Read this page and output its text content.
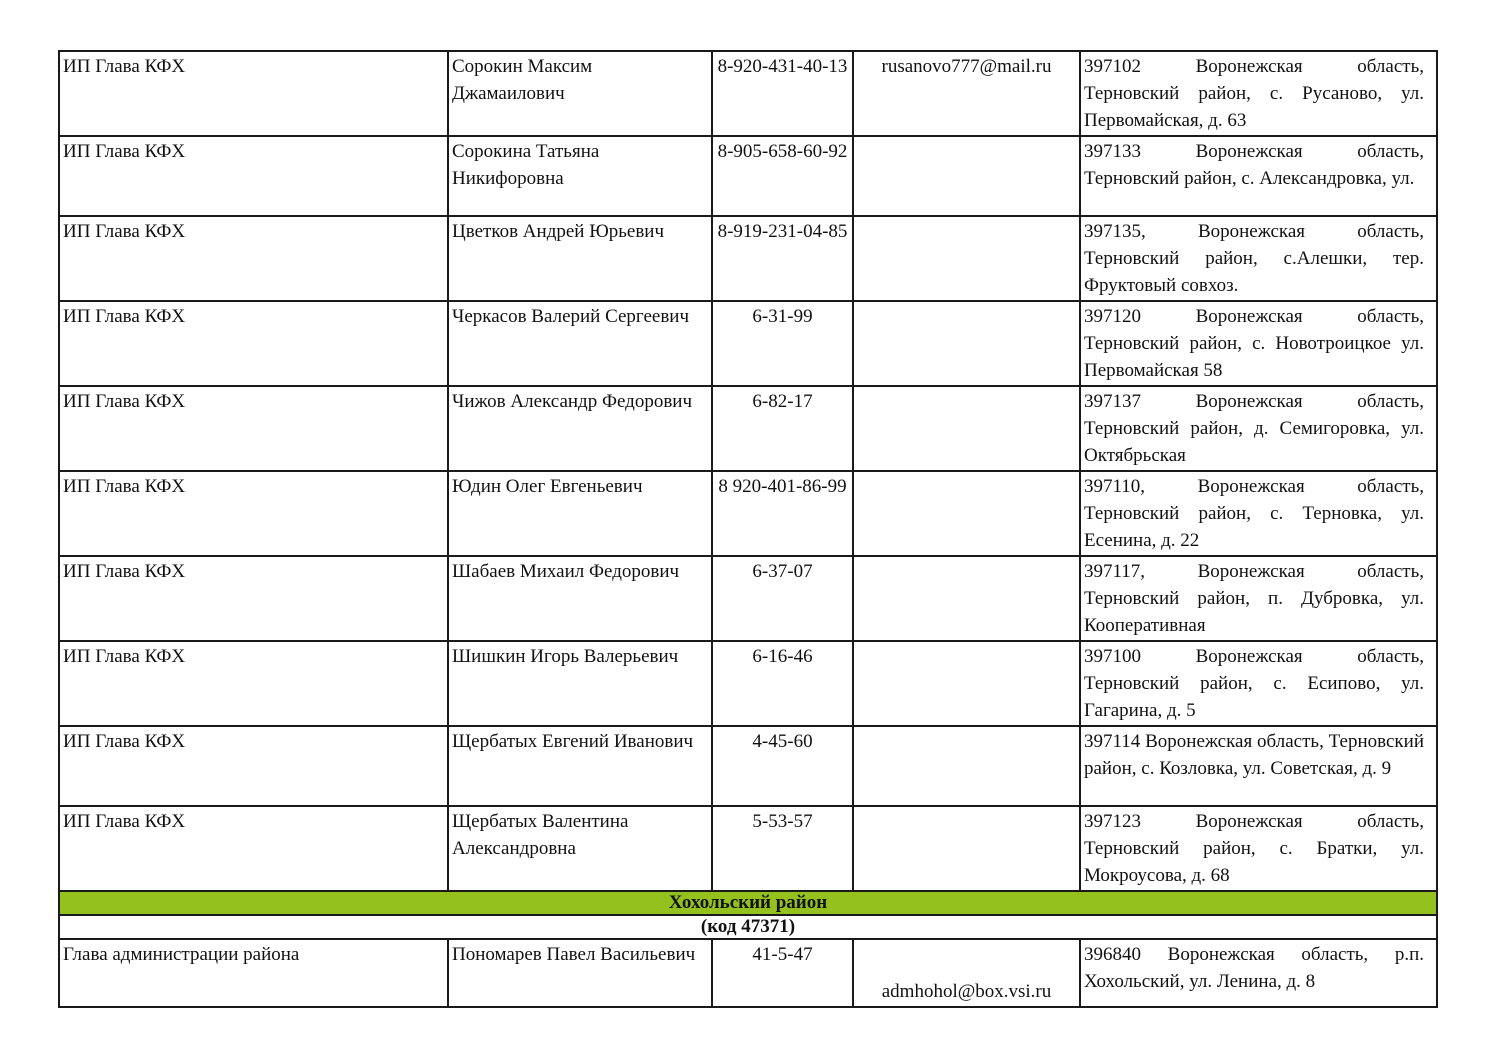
ИП Глава КФХ	Сорокин Максим Джамаилович	8-920-431-40-13	rusanovo777@mail.ru	397102 Воронежская область, Терновский район, с. Русаново, ул. Первомайская, д. 63
ИП Глава КФХ	Сорокина Татьяна Никифоровна	8-905-658-60-92		397133 Воронежская область, Терновский район, с. Александровка, ул.
ИП Глава КФХ	Цветков Андрей Юрьевич	8-919-231-04-85		397135, Воронежская область, Терновский район, с.Алешки, тер. Фруктовый совхоз.
ИП Глава КФХ	Черкасов Валерий Сергеевич	6-31-99		397120 Воронежская область, Терновский район, с. Новотроицкое ул. Первомайская 58
ИП Глава КФХ	Чижов Александр Федорович	6-82-17		397137 Воронежская область, Терновский район, д. Семигоровка, ул. Октябрьская
ИП Глава КФХ	Юдин Олег Евгеньевич	8 920-401-86-99		397110, Воронежская область, Терновский район, с. Терновка, ул. Есенина, д. 22
ИП Глава КФХ	Шабаев Михаил Федорович	6-37-07		397117, Воронежская область, Терновский район, п. Дубровка, ул. Кооперативная
ИП Глава КФХ	Шишкин Игорь Валерьевич	6-16-46		397100 Воронежская область, Терновский район, с. Есипово, ул. Гагарина, д. 5
ИП Глава КФХ	Щербатых Евгений Иванович	4-45-60		397114 Воронежская область, Терновский район, с. Козловка, ул. Советская, д. 9
ИП Глава КФХ	Щербатых Валентина Александровна	5-53-57		397123 Воронежская область, Терновский район, с. Братки, ул. Мокроусова, д. 68
Хохольский район				
(код 47371)				
Глава администрации района	Пономарев Павел Васильевич	41-5-47	admhohol@box.vsi.ru	396840 Воронежская область, р.п. Хохольский, ул. Ленина, д. 8
